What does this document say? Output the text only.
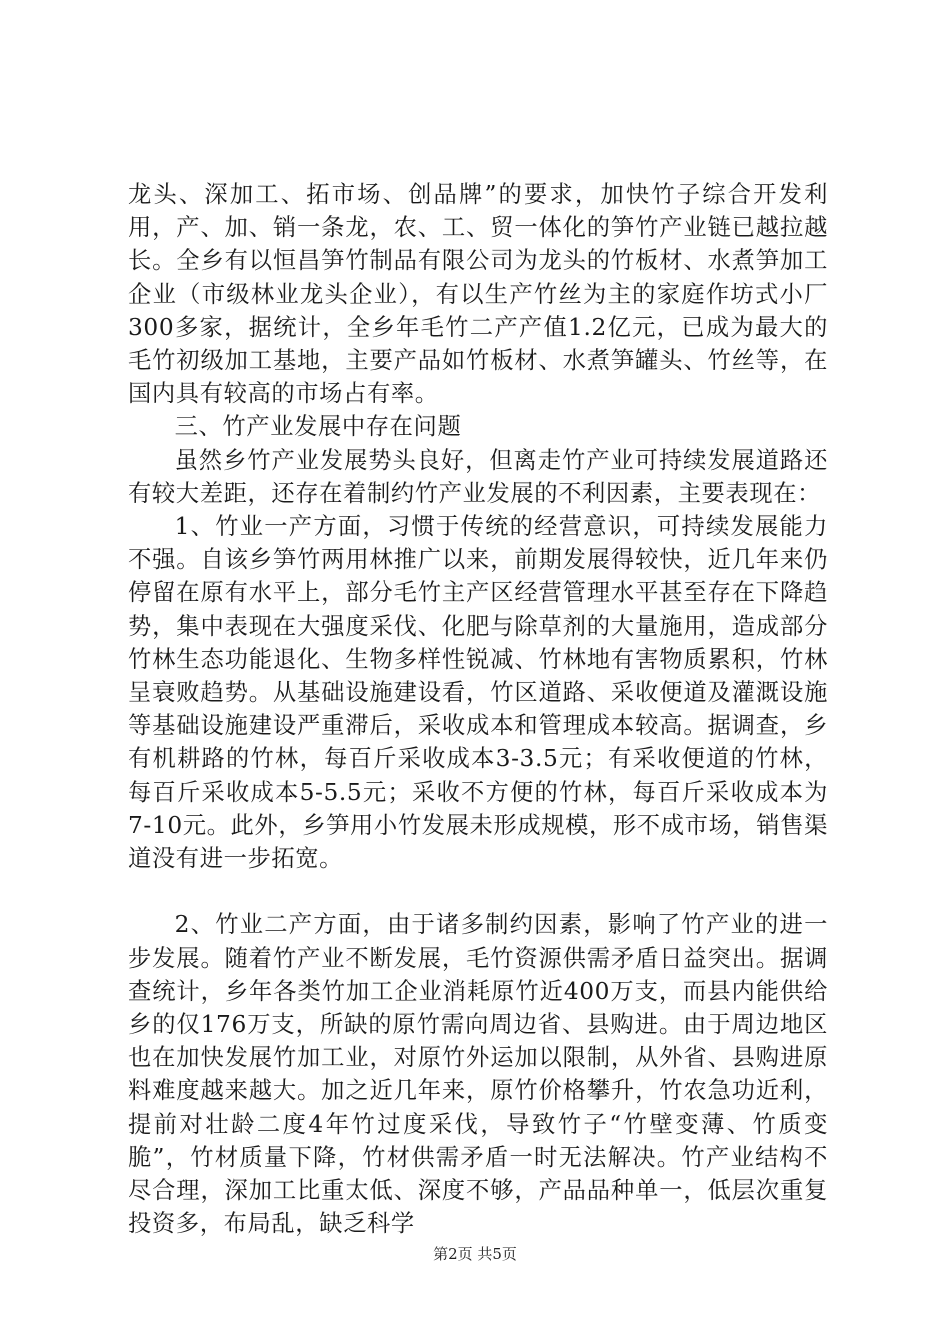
龙头、深加工、拓市场、创品牌”的要求，加快竹子综合开发利用，产、加、销一条龙，农、工、贸一体化的笋竹产业链已越拉越长。全乡有以恒昌笋竹制品有限公司为龙头的竹板材、水煮笋加工企业（市级林业龙头企业），有以生产竹丝为主的家庭作坊式小厂300多家，据统计，全乡年毛竹二产产值1.2亿元，已成为最大的毛竹初级加工基地，主要产品如竹板材、水煮笋罐头、竹丝等，在国内具有较高的市场占有率。

三、竹产业发展中存在问题

虽然乡竹产业发展势头良好，但离走竹产业可持续发展道路还有较大差距，还存在着制约竹产业发展的不利因素，主要表现在：

1、竹业一产方面，习惯于传统的经营意识，可持续发展能力不强。自该乡笋竹两用林推广以来，前期发展得较快，近几年来仍停留在原有水平上，部分毛竹主产区经营管理水平甚至存在下降趋势，集中表现在大强度采伐、化肥与除草剂的大量施用，造成部分竹林生态功能退化、生物多样性锐减、竹林地有害物质累积，竹林呈衰败趋势。从基础设施建设看，竹区道路、采收便道及灌溉设施等基础设施建设严重滞后，采收成本和管理成本较高。据调查，乡有机耕路的竹林，每百斤采收成本3-3.5元；有采收便道的竹林，每百斤采收成本5-5.5元；采收不方便的竹林，每百斤采收成本为7-10元。此外，乡笋用小竹发展未形成规模，形不成市场，销售渠道没有进一步拓宽。

2、竹业二产方面，由于诸多制约因素，影响了竹产业的进一步发展。随着竹产业不断发展，毛竹资源供需矛盾日益突出。据调查统计，乡年各类竹加工企业消耗原竹近400万支，而县内能供给乡的仅176万支，所缺的原竹需向周边省、县购进。由于周边地区也在加快发展竹加工业，对原竹外运加以限制，从外省、县购进原料难度越来越大。加之近几年来，原竹价格攀升，竹农急功近利，提前对壮龄二度4年竹过度采伐，导致竹子“竹壁变薄、竹质变脆”，竹材质量下降，竹材供需矛盾一时无法解决。竹产业结构不尽合理，深加工比重太低、深度不够，产品品种单一，低层次重复投资多，布局乱，缺乏科学

第2页 共5页
